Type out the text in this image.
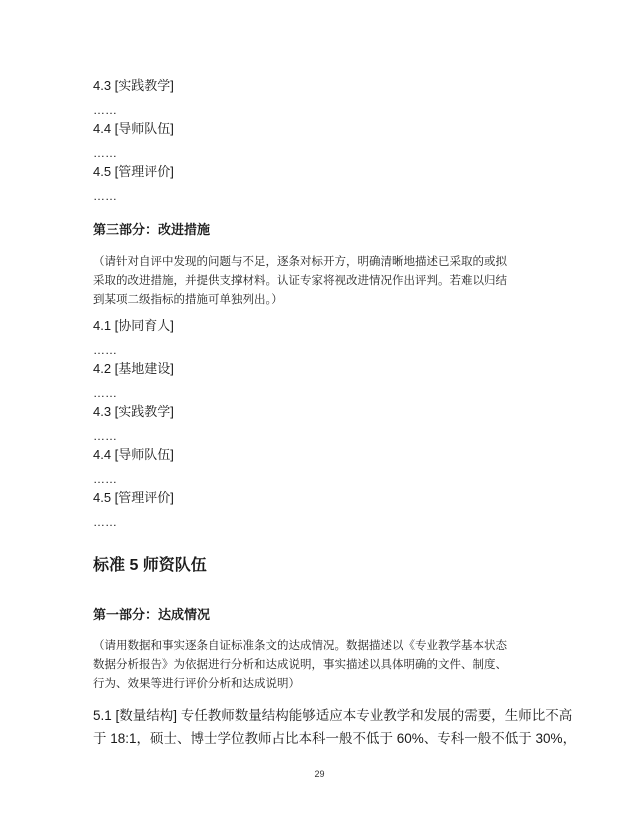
4.3 [实践教学]
……
4.4 [导师队伍]
……
4.5 [管理评价]
……
第三部分：改进措施
（请针对自评中发现的问题与不足，逐条对标开方，明确清晰地描述已采取的或拟
采取的改进措施，并提供支撑材料。认证专家将视改进情况作出评判。若难以归结
到某项二级指标的措施可单独列出。）
4.1 [协同育人]
……
4.2 [基地建设]
……
4.3 [实践教学]
……
4.4 [导师队伍]
……
4.5 [管理评价]
……
标准 5 师资队伍
第一部分：达成情况
（请用数据和事实逐条自证标准条文的达成情况。数据描述以《专业教学基本状态
数据分析报告》为依据进行分析和达成说明，事实描述以具体明确的文件、制度、
行为、效果等进行评价分析和达成说明）
5.1 [数量结构] 专任教师数量结构能够适应本专业教学和发展的需要，生师比不高
于 18:1，硕士、博士学位教师占比本科一般不低于 60%、专科一般不低于 30%，
29
